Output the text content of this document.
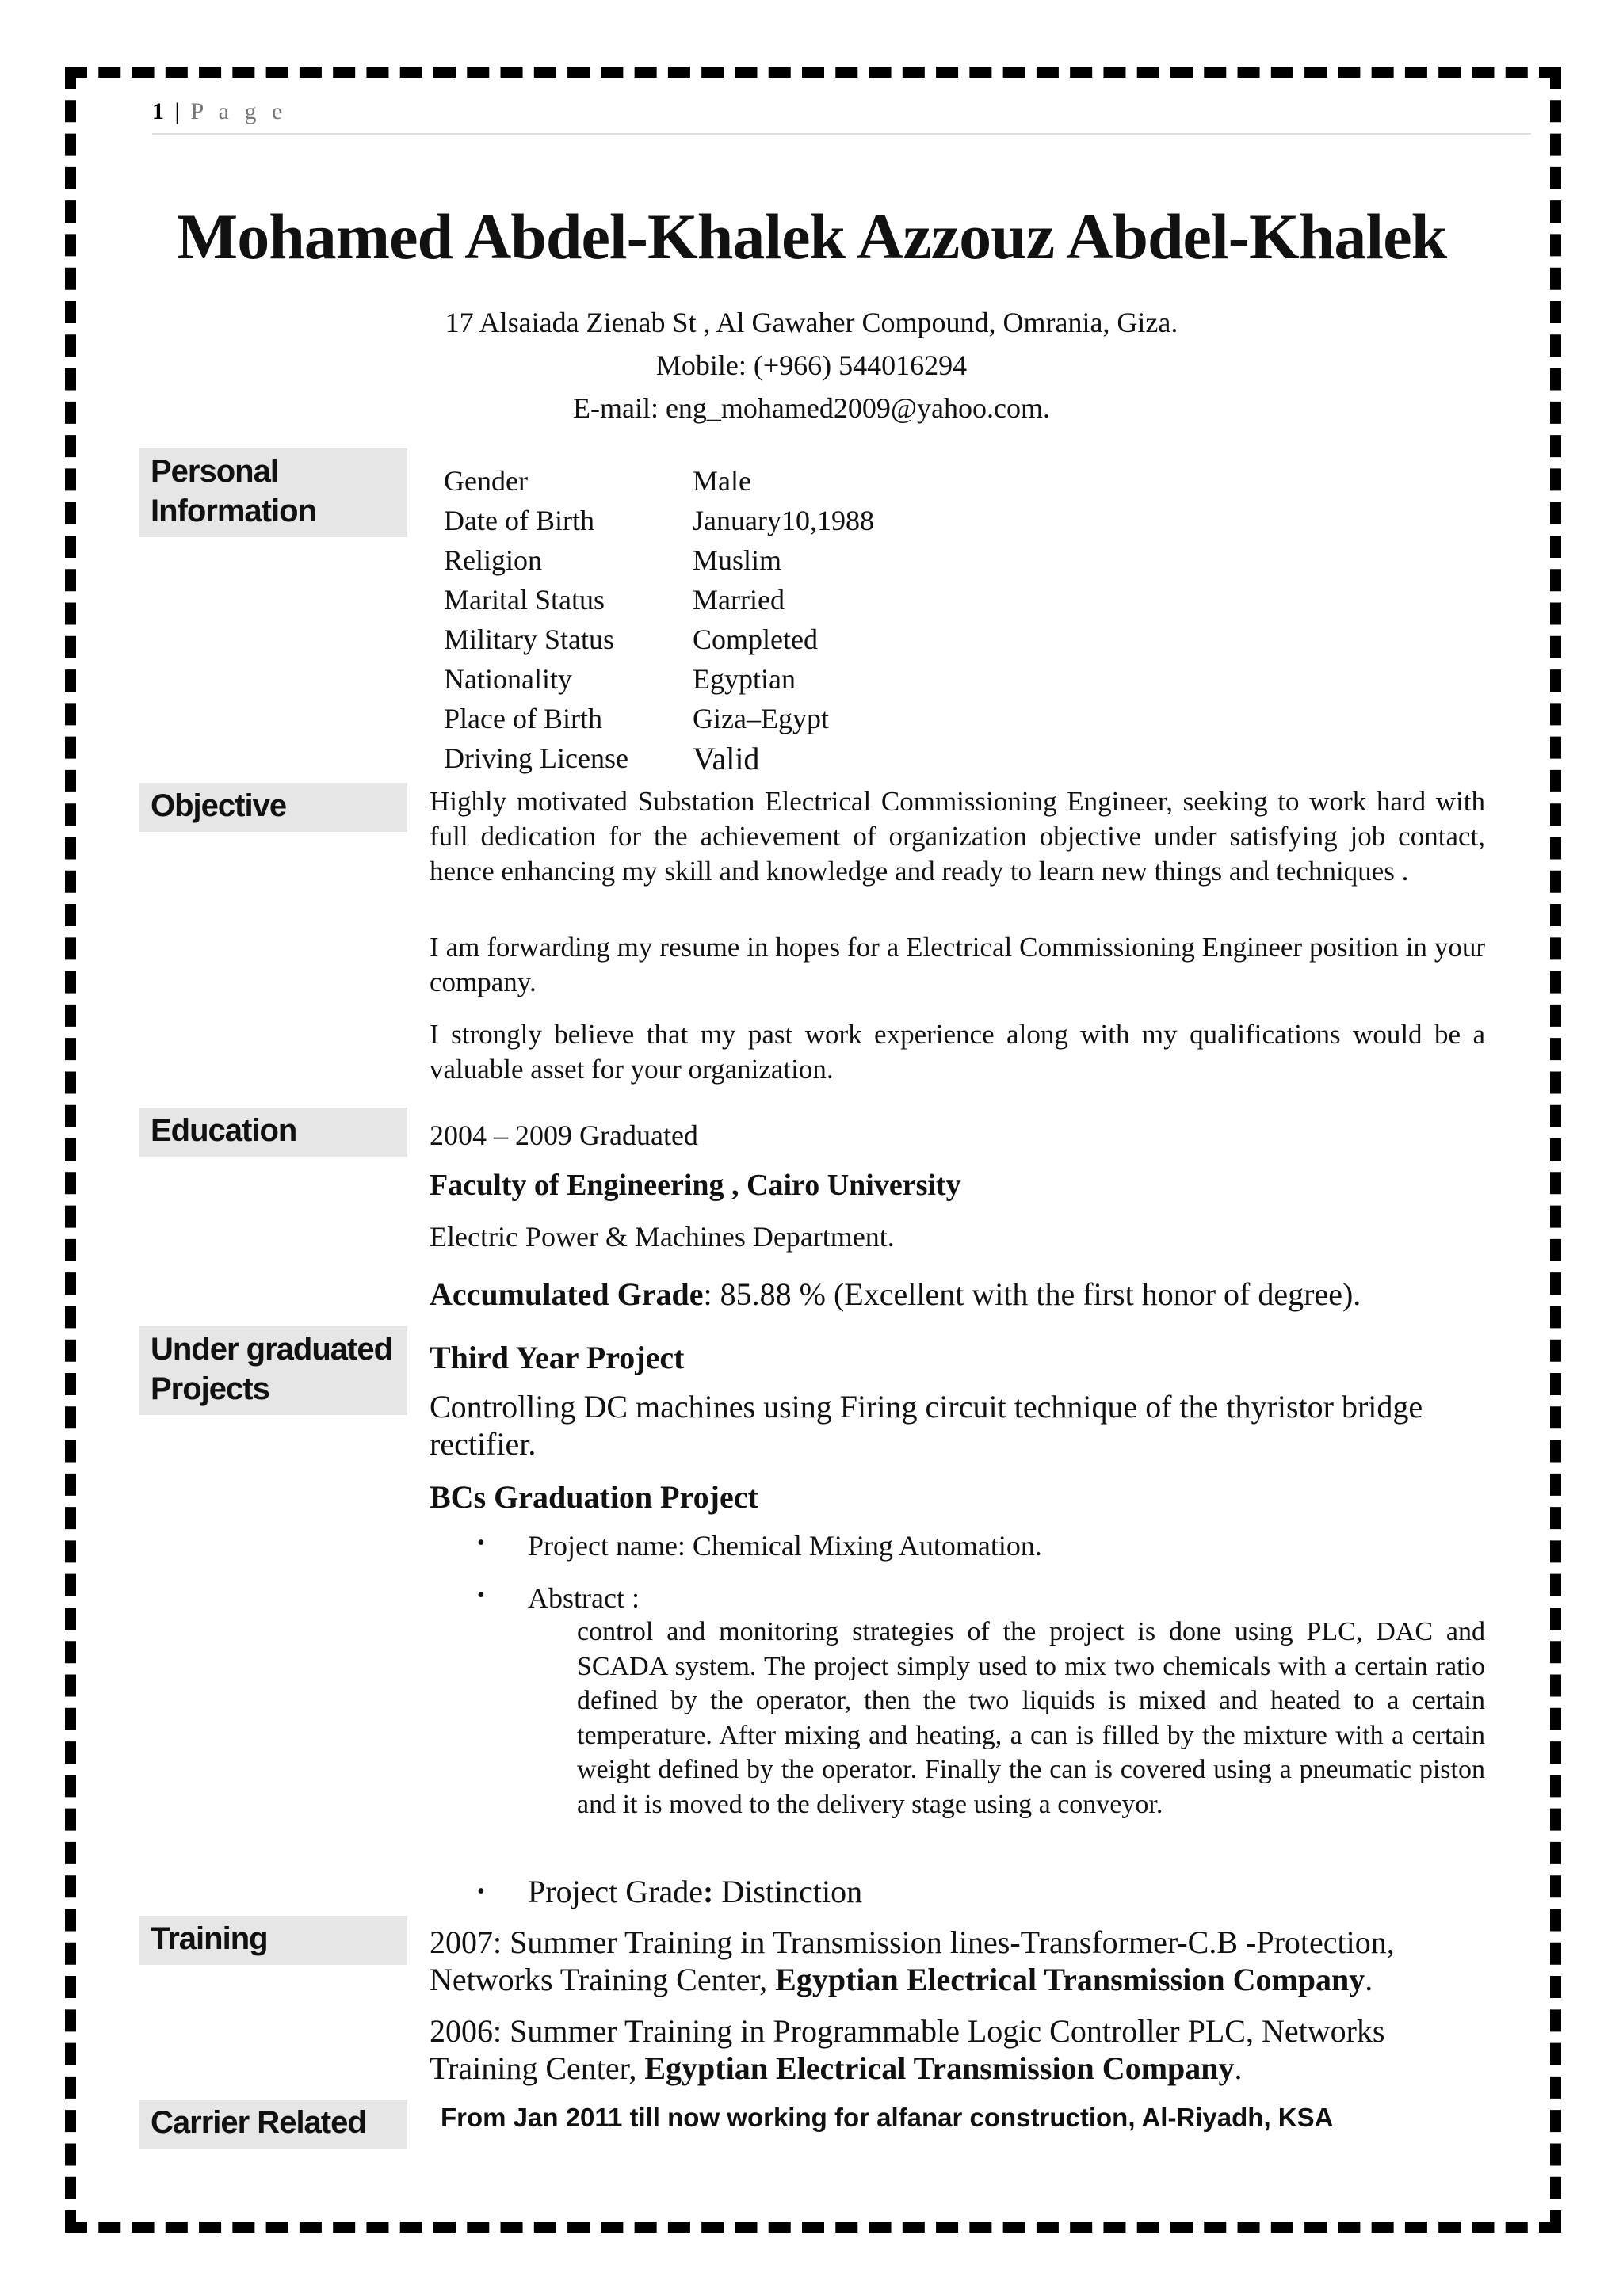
1 | P a g e
Mohamed Abdel-Khalek Azzouz Abdel-Khalek
17 Alsaiada Zienab St , Al Gawaher Compound, Omrania, Giza.
Mobile: (+966) 544016294
E-mail: eng_mohamed2009@yahoo.com.
Personal Information
Gender	Male
Date of Birth	January10,1988
Religion	Muslim
Marital Status	Married
Military Status	Completed
Nationality	Egyptian
Place of Birth	Giza–Egypt
Driving License Valid
Objective	Highly motivated Substation Electrical Commissioning Engineer, seeking to work hard with full dedication for the achievement of organization objective under satisfying job contact, hence enhancing my skill and knowledge and ready to learn new things and techniques .
I am forwarding my resume in hopes for a Electrical Commissioning Engineer position in your company.
I strongly believe that my past work experience along with my qualifications would be a valuable asset for your organization.
Education	2004 – 2009 Graduated
Faculty of Engineering , Cairo University
Electric Power & Machines Department.
Accumulated Grade: 85.88 % (Excellent with the first honor of degree).
Under graduated Projects
Third Year Project
Controlling DC machines using Firing circuit technique of the thyristor bridge rectifier.
BCs Graduation Project
• Project name: Chemical Mixing Automation.
• Abstract :
control and monitoring strategies of the project is done using PLC, DAC and SCADA system. The project simply used to mix two chemicals with a certain ratio defined by the operator, then the two liquids is mixed and heated to a certain temperature. After mixing and heating, a can is filled by the mixture with a certain weight defined by the operator. Finally the can is covered using a pneumatic piston and it is moved to the delivery stage using a conveyor.
• Project Grade: Distinction
Training	2007: Summer Training in Transmission lines-Transformer-C.B -Protection, Networks Training Center, Egyptian Electrical Transmission Company.
2006: Summer Training in Programmable Logic Controller PLC, Networks Training Center, Egyptian Electrical Transmission Company.
Carrier Related	From Jan 2011 till now working for alfanar construction, Al-Riyadh, KSA
